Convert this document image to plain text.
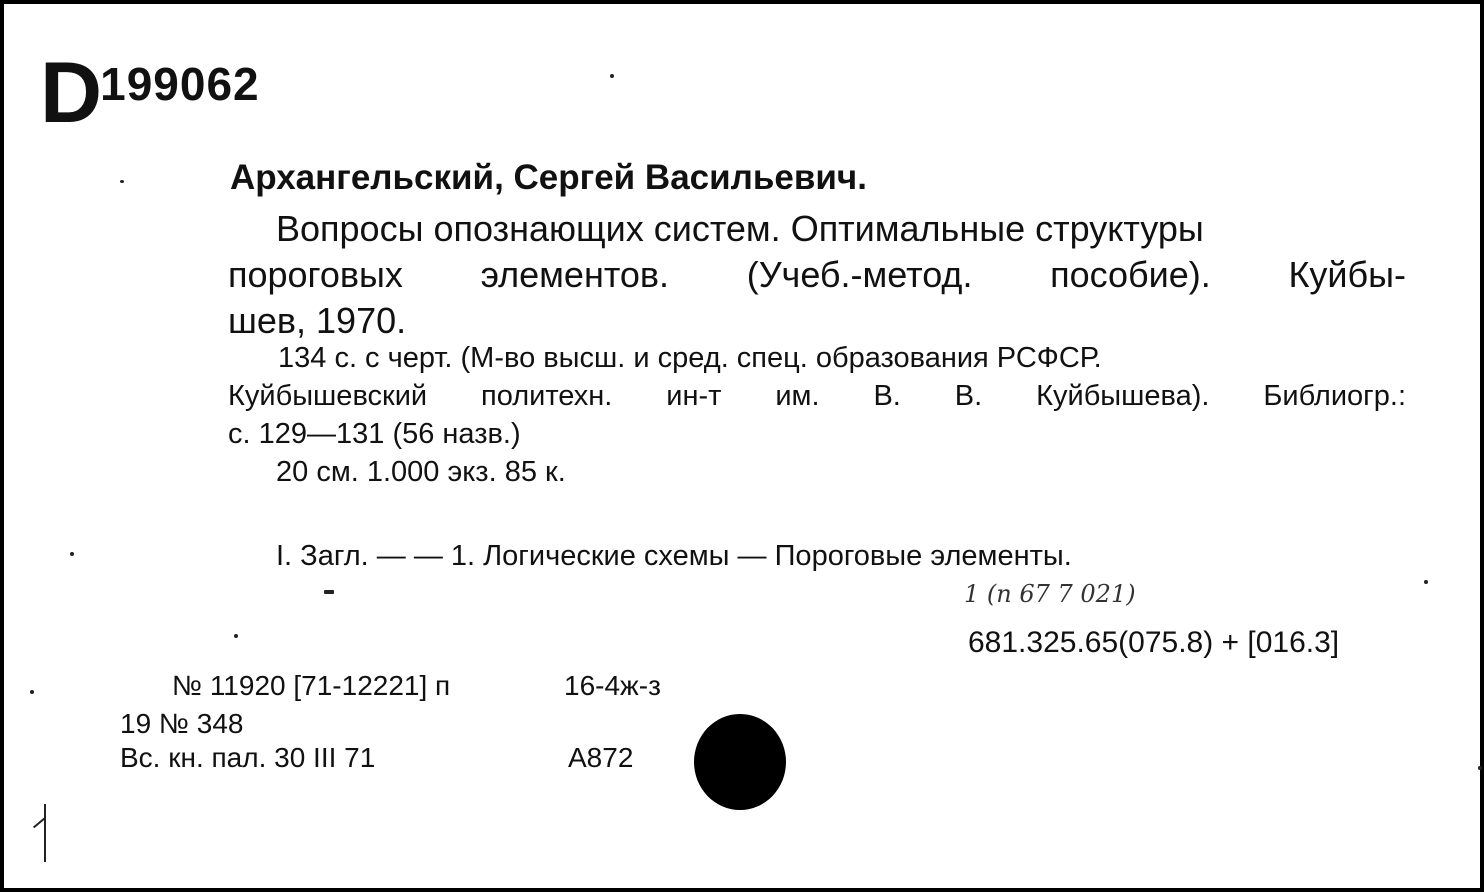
D199062
Архангельский, Сергей Васильевич.
Вопросы опознающих систем. Оптимальные структуры
пороговых элементов. (Учеб.-метод. пособие). Куйбы-
шев, 1970.
134 с. с черт. (М-во высш. и сред. спец. образования РСФСР.
Куйбышевский политехн. ин-т им. В. В. Куйбышева). Библиогр.:
с. 129—131 (56 назв.)
20 см. 1.000 экз. 85 к.
I. Загл. — — 1. Логические схемы — Пороговые элементы.
1 (n 67 7 021)
681.325.65(075.8) + [016.3]
№ 11920 [71-12221] п	16-4ж-з
19 № 348
Вс. кн. пал. 30 III 71	А872
